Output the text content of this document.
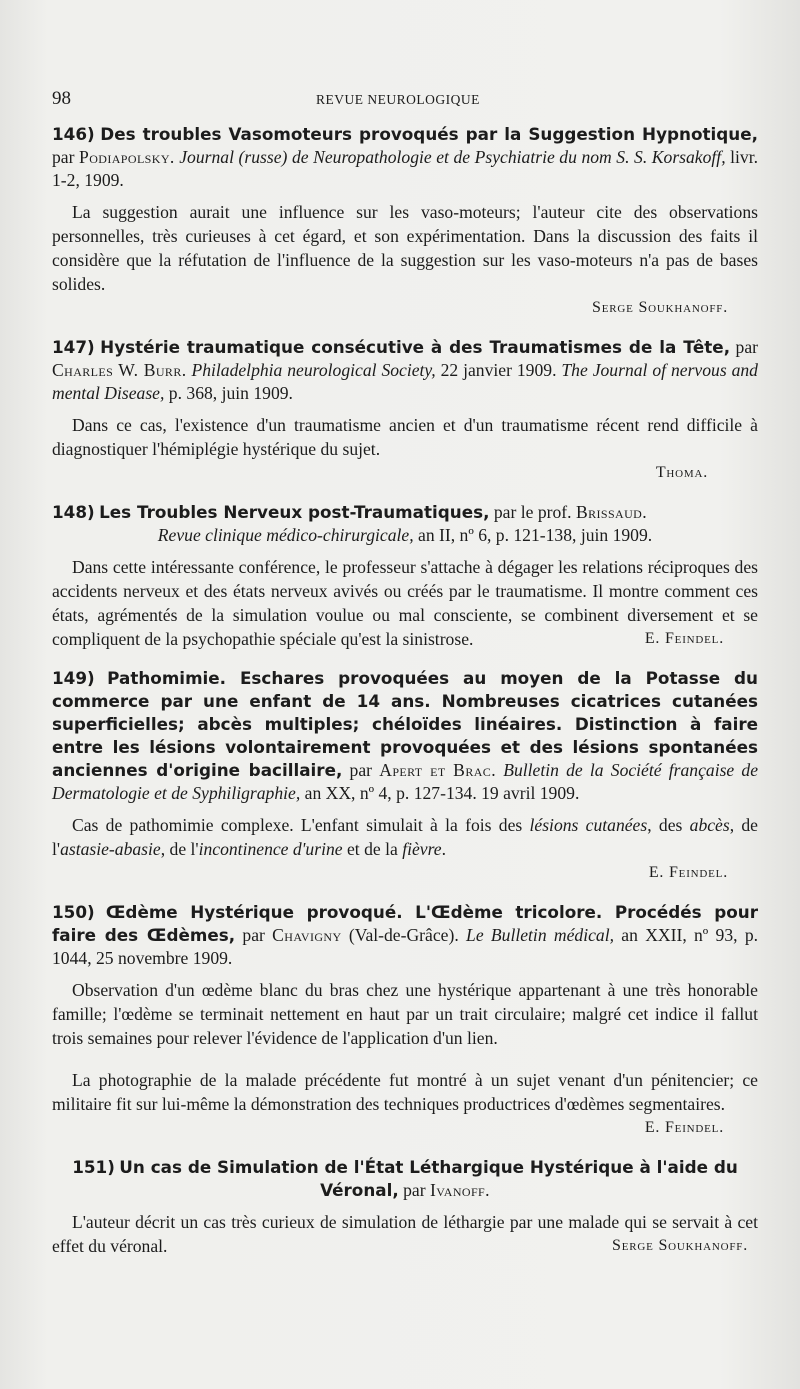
98	REVUE NEUROLOGIQUE
146) Des troubles Vasomoteurs provoqués par la Suggestion Hypnotique, par Podiapolsky. Journal (russe) de Neuropathologie et de Psychiatrie du nom S. S. Korsakoff, livr. 1-2, 1909.

La suggestion aurait une influence sur les vaso-moteurs; l'auteur cite des observations personnelles, très curieuses à cet égard, et son expérimentation. Dans la discussion des faits il considère que la réfutation de l'influence de la suggestion sur les vaso-moteurs n'a pas de bases solides.

Serge Soukhanoff.
147) Hystérie traumatique consécutive à des Traumatismes de la Tête, par Charles W. Burr. Philadelphia neurological Society, 22 janvier 1909. The Journal of nervous and mental Disease, p. 368, juin 1909.

Dans ce cas, l'existence d'un traumatisme ancien et d'un traumatisme récent rend difficile à diagnostiquer l'hémiplégie hystérique du sujet.

Thoma.
148) Les Troubles Nerveux post-Traumatiques, par le prof. Brissaud.
Revue clinique médico-chirurgicale, an II, nº 6, p. 121-138, juin 1909.

Dans cette intéressante conférence, le professeur s'attache à dégager les relations réciproques des accidents nerveux et des états nerveux avivés ou créés par le traumatisme. Il montre comment ces états, agrémentés de la simulation voulue ou mal consciente, se combinent diversement et se compliquent de la psychopathie spéciale qu'est la sinistrose.	E. Feindel.

149) Pathomimie. Eschares provoquées au moyen de la Potasse du commerce par une enfant de 14 ans. Nombreuses cicatrices cutanées superficielles; abcès multiples; chéloïdes linéaires. Distinction à faire entre les lésions volontairement provoquées et des lésions spontanées anciennes d'origine bacillaire, par Apert et Brac. Bulletin de la Société française de Dermatologie et de Syphiligraphie, an XX, nº 4, p. 127-134. 19 avril 1909.

Cas de pathomimie complexe. L'enfant simulait à la fois des lésions cutanées, des abcès, de l'astasie-abasie, de l'incontinence d'urine et de la fièvre.

E. Feindel.
150) Œdème Hystérique provoqué. L'Œdème tricolore. Procédés pour faire des Œdèmes, par Chavigny (Val-de-Grâce). Le Bulletin médical, an XXII, nº 93, p. 1044, 25 novembre 1909.

Observation d'un œdème blanc du bras chez une hystérique appartenant à une très honorable famille; l'œdème se terminait nettement en haut par un trait circulaire; malgré cet indice il fallut trois semaines pour relever l'évidence de l'application d'un lien.

La photographie de la malade précédente fut montré à un sujet venant d'un pénitencier; ce militaire fit sur lui-même la démonstration des techniques productrices d'œdèmes segmentaires.
E. Feindel.

151) Un cas de Simulation de l'État Léthargique Hystérique à l'aide du Véronal, par Ivanoff.

L'auteur décrit un cas très curieux de simulation de léthargie par une malade qui se servait à cet effet du véronal.	Serge Soukhanoff.
